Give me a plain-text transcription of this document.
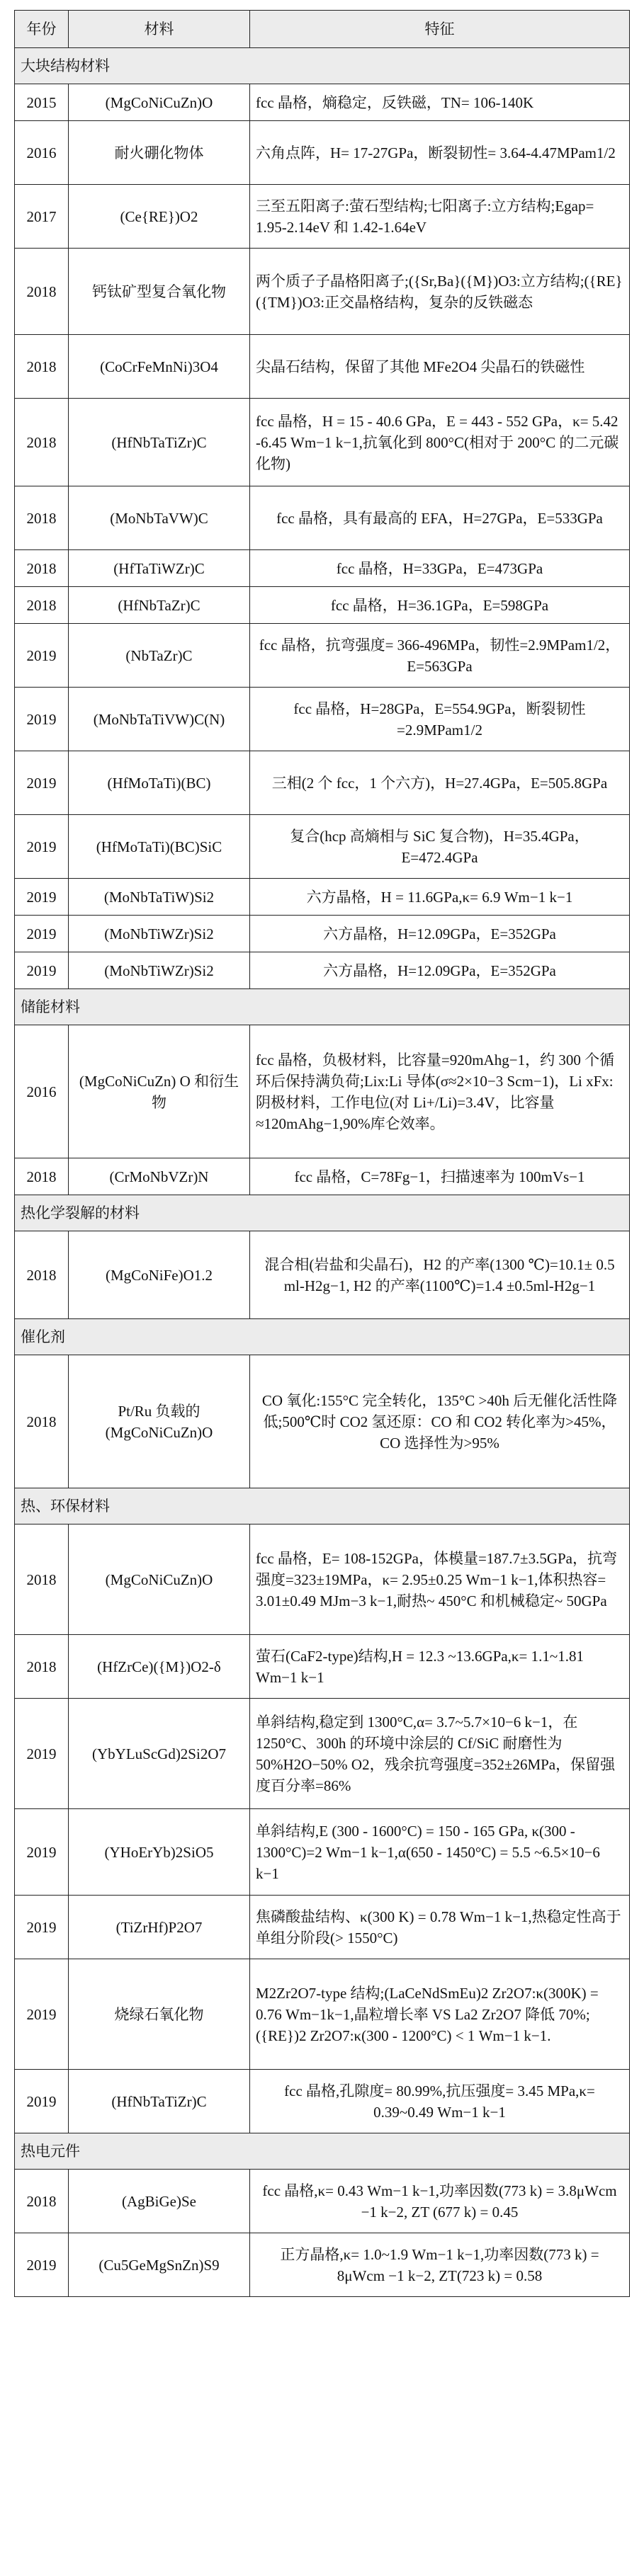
年份	材料	特征
大块结构材料		
2015	(MgCoNiCuZn)O	fcc 晶格，熵稳定，反铁磁，TN= 106-140K
2016	耐火硼化物体	六角点阵，H= 17-27GPa，断裂韧性= 3.64-4.47MPam1/2
2017	(Ce{RE})O2	三至五阳离子:萤石型结构;七阳离子:立方结构;Egap= 1.95-2.14eV 和 1.42-1.64eV
2018	钙钛矿型复合氧化物	两个质子子晶格阳离子;({Sr,Ba}({M})O3:立方结构;({RE}({TM})O3:正交晶格结构，复杂的反铁磁态
2018	(CoCrFeMnNi)3O4	尖晶石结构，保留了其他 MFe2O4 尖晶石的铁磁性
2018	(HfNbTaTiZr)C	fcc 晶格，H = 15 - 40.6 GPa，E = 443 - 552 GPa，κ= 5.42 -6.45 Wm−1 k−1,抗氧化到 800°C(相对于 200°C 的二元碳化物)
2018	(MoNbTaVW)C	fcc 晶格，具有最高的 EFA，H=27GPa，E=533GPa
2018	(HfTaTiWZr)C	fcc 晶格，H=33GPa，E=473GPa
2018	(HfNbTaZr)C	fcc 晶格，H=36.1GPa，E=598GPa
2019	(NbTaZr)C	fcc 晶格，抗弯强度= 366-496MPa，韧性=2.9MPam1/2，E=563GPa
2019	(MoNbTaTiVW)C(N)	fcc 晶格，H=28GPa，E=554.9GPa，断裂韧性=2.9MPam1/2
2019	(HfMoTaTi)(BC)	三相(2 个 fcc，1 个六方)，H=27.4GPa，E=505.8GPa
2019	(HfMoTaTi)(BC)SiC	复合(hcp 高熵相与 SiC 复合物)，H=35.4GPa，E=472.4GPa
2019	(MoNbTaTiW)Si2	六方晶格，H = 11.6GPa,κ= 6.9 Wm−1 k−1
2019	(MoNbTiWZr)Si2	六方晶格，H=12.09GPa，E=352GPa
2019	(MoNbTiWZr)Si2	六方晶格，H=12.09GPa，E=352GPa
储能材料		
2016	(MgCoNiCuZn) O 和衍生物	fcc 晶格，负极材料，比容量=920mAhg−1，约 300 个循环后保持满负荷;Lix:Li 导体(σ≈2×10−3 Scm−1)，Li xFx:阴极材料，工作电位(对 Li+/Li)=3.4V，比容量≈120mAhg−1,90%库仑效率。
2018	(CrMoNbVZr)N	fcc 晶格，C=78Fg−1，扫描速率为 100mVs−1
热化学裂解的材料		
2018	(MgCoNiFe)O1.2	混合相(岩盐和尖晶石)，H2 的产率(1300 ℃)=10.1± 0.5 ml-H2g−1, H2 的产率(1100℃)=1.4 ±0.5ml-H2g−1
催化剂		
2018	Pt/Ru 负载的(MgCoNiCuZn)O	CO 氧化:155°C 完全转化，135°C >40h 后无催化活性降低;500℃时 CO2 氢还原：CO 和 CO2 转化率为>45%，CO 选择性为>95%
热、环保材料		
2018	(MgCoNiCuZn)O	fcc 晶格，E= 108-152GPa，体模量=187.7±3.5GPa，抗弯强度=323±19MPa，κ= 2.95±0.25 Wm−1 k−1,体积热容= 3.01±0.49 MJm−3 k−1,耐热~ 450°C 和机械稳定~ 50GPa
2018	(HfZrCe)({M})O2-δ	萤石(CaF2-type)结构,H = 12.3 ~13.6GPa,κ= 1.1~1.81 Wm−1 k−1
2019	(YbYLuScGd)2Si2O7	单斜结构,稳定到 1300°C,α= 3.7~5.7×10−6 k−1，在 1250°C、300h 的环境中涂层的 Cf/SiC 耐磨性为 50%H2O−50% O2，残余抗弯强度=352±26MPa，保留强度百分率=86%
2019	(YHoErYb)2SiO5	单斜结构,E (300 - 1600°C) = 150 - 165 GPa, κ(300 - 1300°C)=2 Wm−1 k−1,α(650 - 1450°C) = 5.5 ~6.5×10−6 k−1
2019	(TiZrHf)P2O7	焦磷酸盐结构、κ(300 K) = 0.78 Wm−1 k−1,热稳定性高于单组分阶段(> 1550°C)
2019	烧绿石氧化物	M2Zr2O7-type 结构;(LaCeNdSmEu)2 Zr2O7:κ(300K) = 0.76 Wm−1k−1,晶粒增长率 VS La2 Zr2O7 降低 70%;({RE})2 Zr2O7:κ(300 - 1200°C) < 1 Wm−1 k−1.
2019	(HfNbTaTiZr)C	fcc 晶格,孔隙度= 80.99%,抗压强度= 3.45 MPa,κ= 0.39~0.49 Wm−1 k−1
热电元件		
2018	(AgBiGe)Se	fcc 晶格,κ= 0.43 Wm−1 k−1,功率因数(773 k) = 3.8μWcm −1 k−2, ZT (677 k) = 0.45
2019	(Cu5GeMgSnZn)S9	正方晶格,κ= 1.0~1.9 Wm−1 k−1,功率因数(773 k) = 8μWcm −1 k−2, ZT(723 k) = 0.58
